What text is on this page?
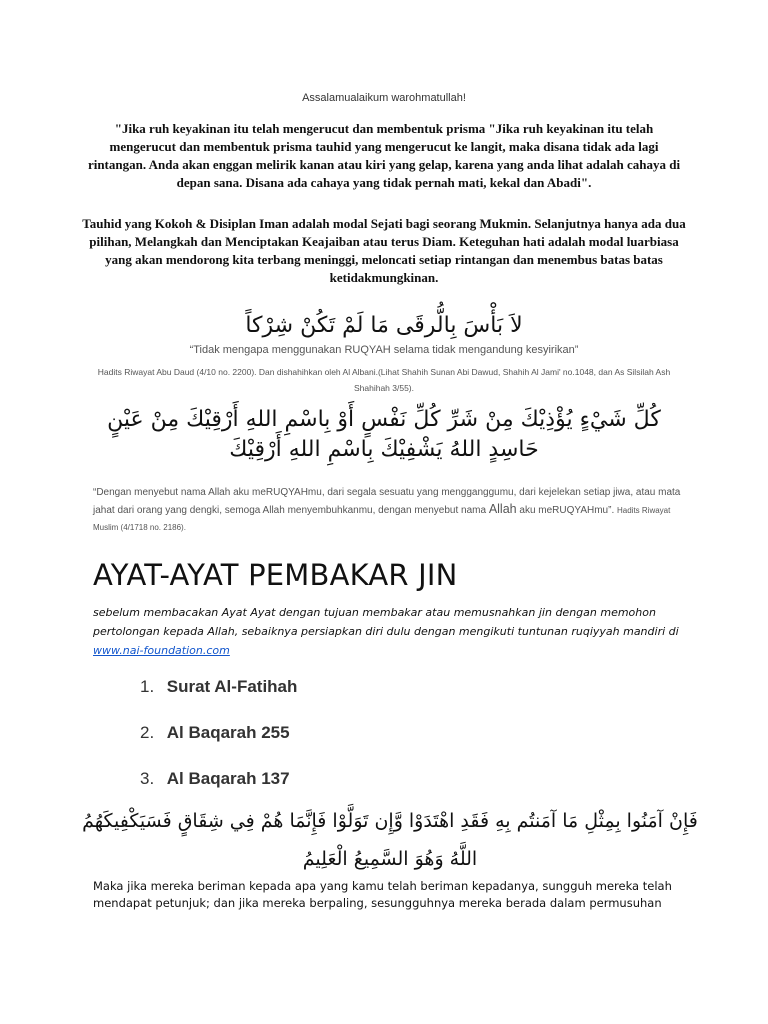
Assalamualaikum warohmatullah!
"Jika ruh keyakinan itu telah mengerucut dan membentuk prisma "Jika ruh keyakinan itu telah mengerucut dan membentuk prisma tauhid yang mengerucut ke langit, maka disana tidak ada lagi rintangan. Anda akan enggan melirik kanan atau kiri yang gelap, karena yang anda lihat adalah cahaya di depan sana. Disana ada cahaya yang tidak pernah mati, kekal dan Abadi".
Tauhid yang Kokoh & Disiplan Iman adalah modal Sejati bagi seorang Mukmin. Selanjutnya hanya ada dua pilihan, Melangkah dan Menciptakan Keajaiban atau terus Diam. Keteguhan hati adalah modal luarbiasa yang akan mendorong kita terbang meninggi, meloncati setiap rintangan dan menembus batas batas ketidakmungkinan.
لاَ بَأْسَ بِالُّرقَى مَا لَمْ تَكُنْ شِرْكاً
“Tidak mengapa menggunakan RUQYAH selama tidak mengandung kesyirikan”
Hadits Riwayat Abu Daud (4/10 no. 2200). Dan dishahihkan oleh Al Albani.(Lihat Shahih Sunan Abi Dawud, Shahih Al Jami' no.1048, dan As Silsilah Ash Shahihah 3/55).
كُلِّ شَيْءٍ يُؤْذِيْكَ مِنْ شَرِّ كُلِّ نَفْسٍ أَوْ بِاسْمِ اللهِ أَرْقِيْكَ مِنْ عَيْنٍ حَاسِدٍ اللهُ يَشْفِيْكَ بِاسْمِ اللهِ أَرْقِيْكَ
“Dengan menyebut nama Allah aku meRUQYAHmu, dari segala sesuatu yang mengganggumu, dari kejelekan setiap jiwa, atau mata jahat dari orang yang dengki, semoga Allah menyembuhkanmu, dengan menyebut nama Allah aku meRUQYAHmu”. Hadits Riwayat Muslim (4/1718 no. 2186).
AYAT-AYAT PEMBAKAR JIN
sebelum membacakan Ayat Ayat dengan tujuan membakar atau memusnahkan jin dengan memohon pertolongan kepada Allah, sebaiknya persiapkan diri dulu dengan mengikuti tuntunan ruqiyyah mandiri di www.nai-foundation.com
1. Surat Al-Fatihah
2. Al Baqarah 255
3. Al Baqarah 137
فَإِنْ آمَنُوا بِمِثْلِ مَا آمَنتُم بِهِ فَقَدِ اهْتَدَوْا وَّإِن تَوَلَّوْا فَإِنَّمَا هُمْ فِي شِقَاقٍ فَسَيَكْفِيكَهُمُ اللَّهُ وَهُوَ السَّمِيعُ الْعَلِيمُ
Maka jika mereka beriman kepada apa yang kamu telah beriman kepadanya, sungguh mereka telah mendapat petunjuk; dan jika mereka berpaling, sesungguhnya mereka berada dalam permusuhan
